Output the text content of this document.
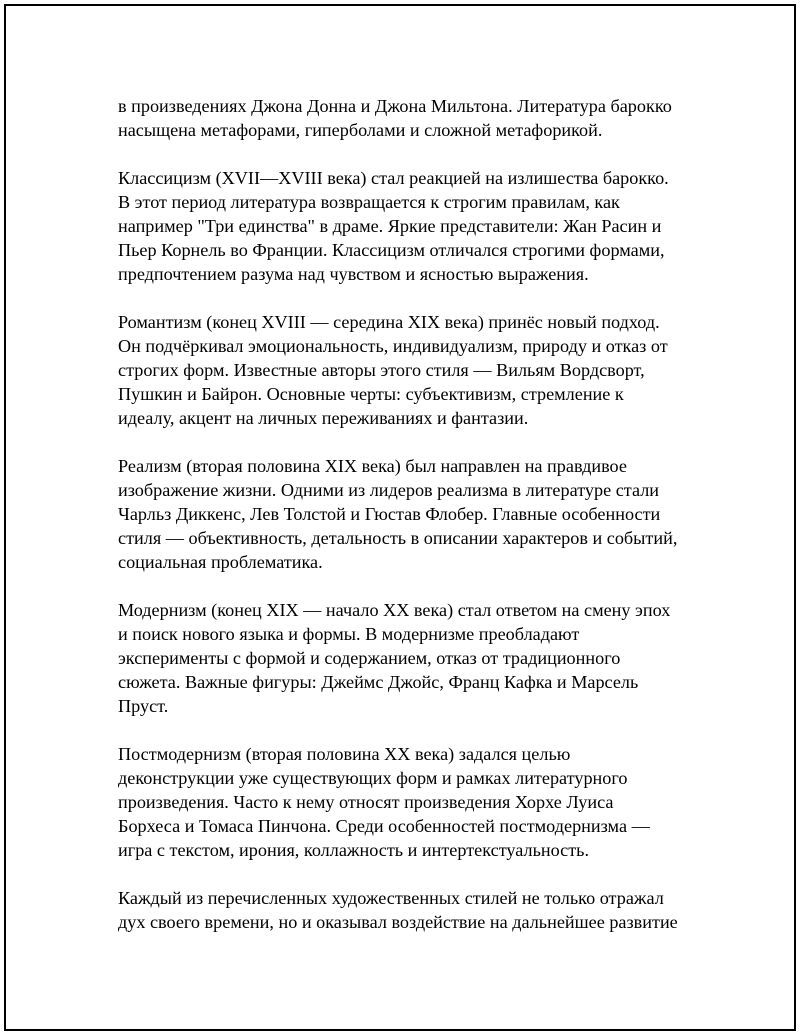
в произведениях Джона Донна и Джона Мильтона. Литература барокко
насыщена метафорами, гиперболами и сложной метафорикой.

Классицизм (XVII—XVIII века) стал реакцией на излишества барокко.
В этот период литература возвращается к строгим правилам, как
например "Три единства" в драме. Яркие представители: Жан Расин и
Пьер Корнель во Франции. Классицизм отличался строгими формами,
предпочтением разума над чувством и ясностью выражения.

Романтизм (конец XVIII — середина XIX века) принёс новый подход.
Он подчёркивал эмоциональность, индивидуализм, природу и отказ от
строгих форм. Известные авторы этого стиля — Вильям Вордсворт,
Пушкин и Байрон. Основные черты: субъективизм, стремление к
идеалу, акцент на личных переживаниях и фантазии.

Реализм (вторая половина XIX века) был направлен на правдивое
изображение жизни. Одними из лидеров реализма в литературе стали
Чарльз Диккенс, Лев Толстой и Гюстав Флобер. Главные особенности
стиля — объективность, детальность в описании характеров и событий,
социальная проблематика.

Модернизм (конец XIX — начало XX века) стал ответом на смену эпох
и поиск нового языка и формы. В модернизме преобладают
эксперименты с формой и содержанием, отказ от традиционного
сюжета. Важные фигуры: Джеймс Джойс, Франц Кафка и Марсель
Пруст.

Постмодернизм (вторая половина XX века) задался целью
деконструкции уже существующих форм и рамках литературного
произведения. Часто к нему относят произведения Хорхе Луиса
Борхеса и Томаса Пинчона. Среди особенностей постмодернизма —
игра с текстом, ирония, коллажность и интертекстуальность.

Каждый из перечисленных художественных стилей не только отражал
дух своего времени, но и оказывал воздействие на дальнейшее развитие
